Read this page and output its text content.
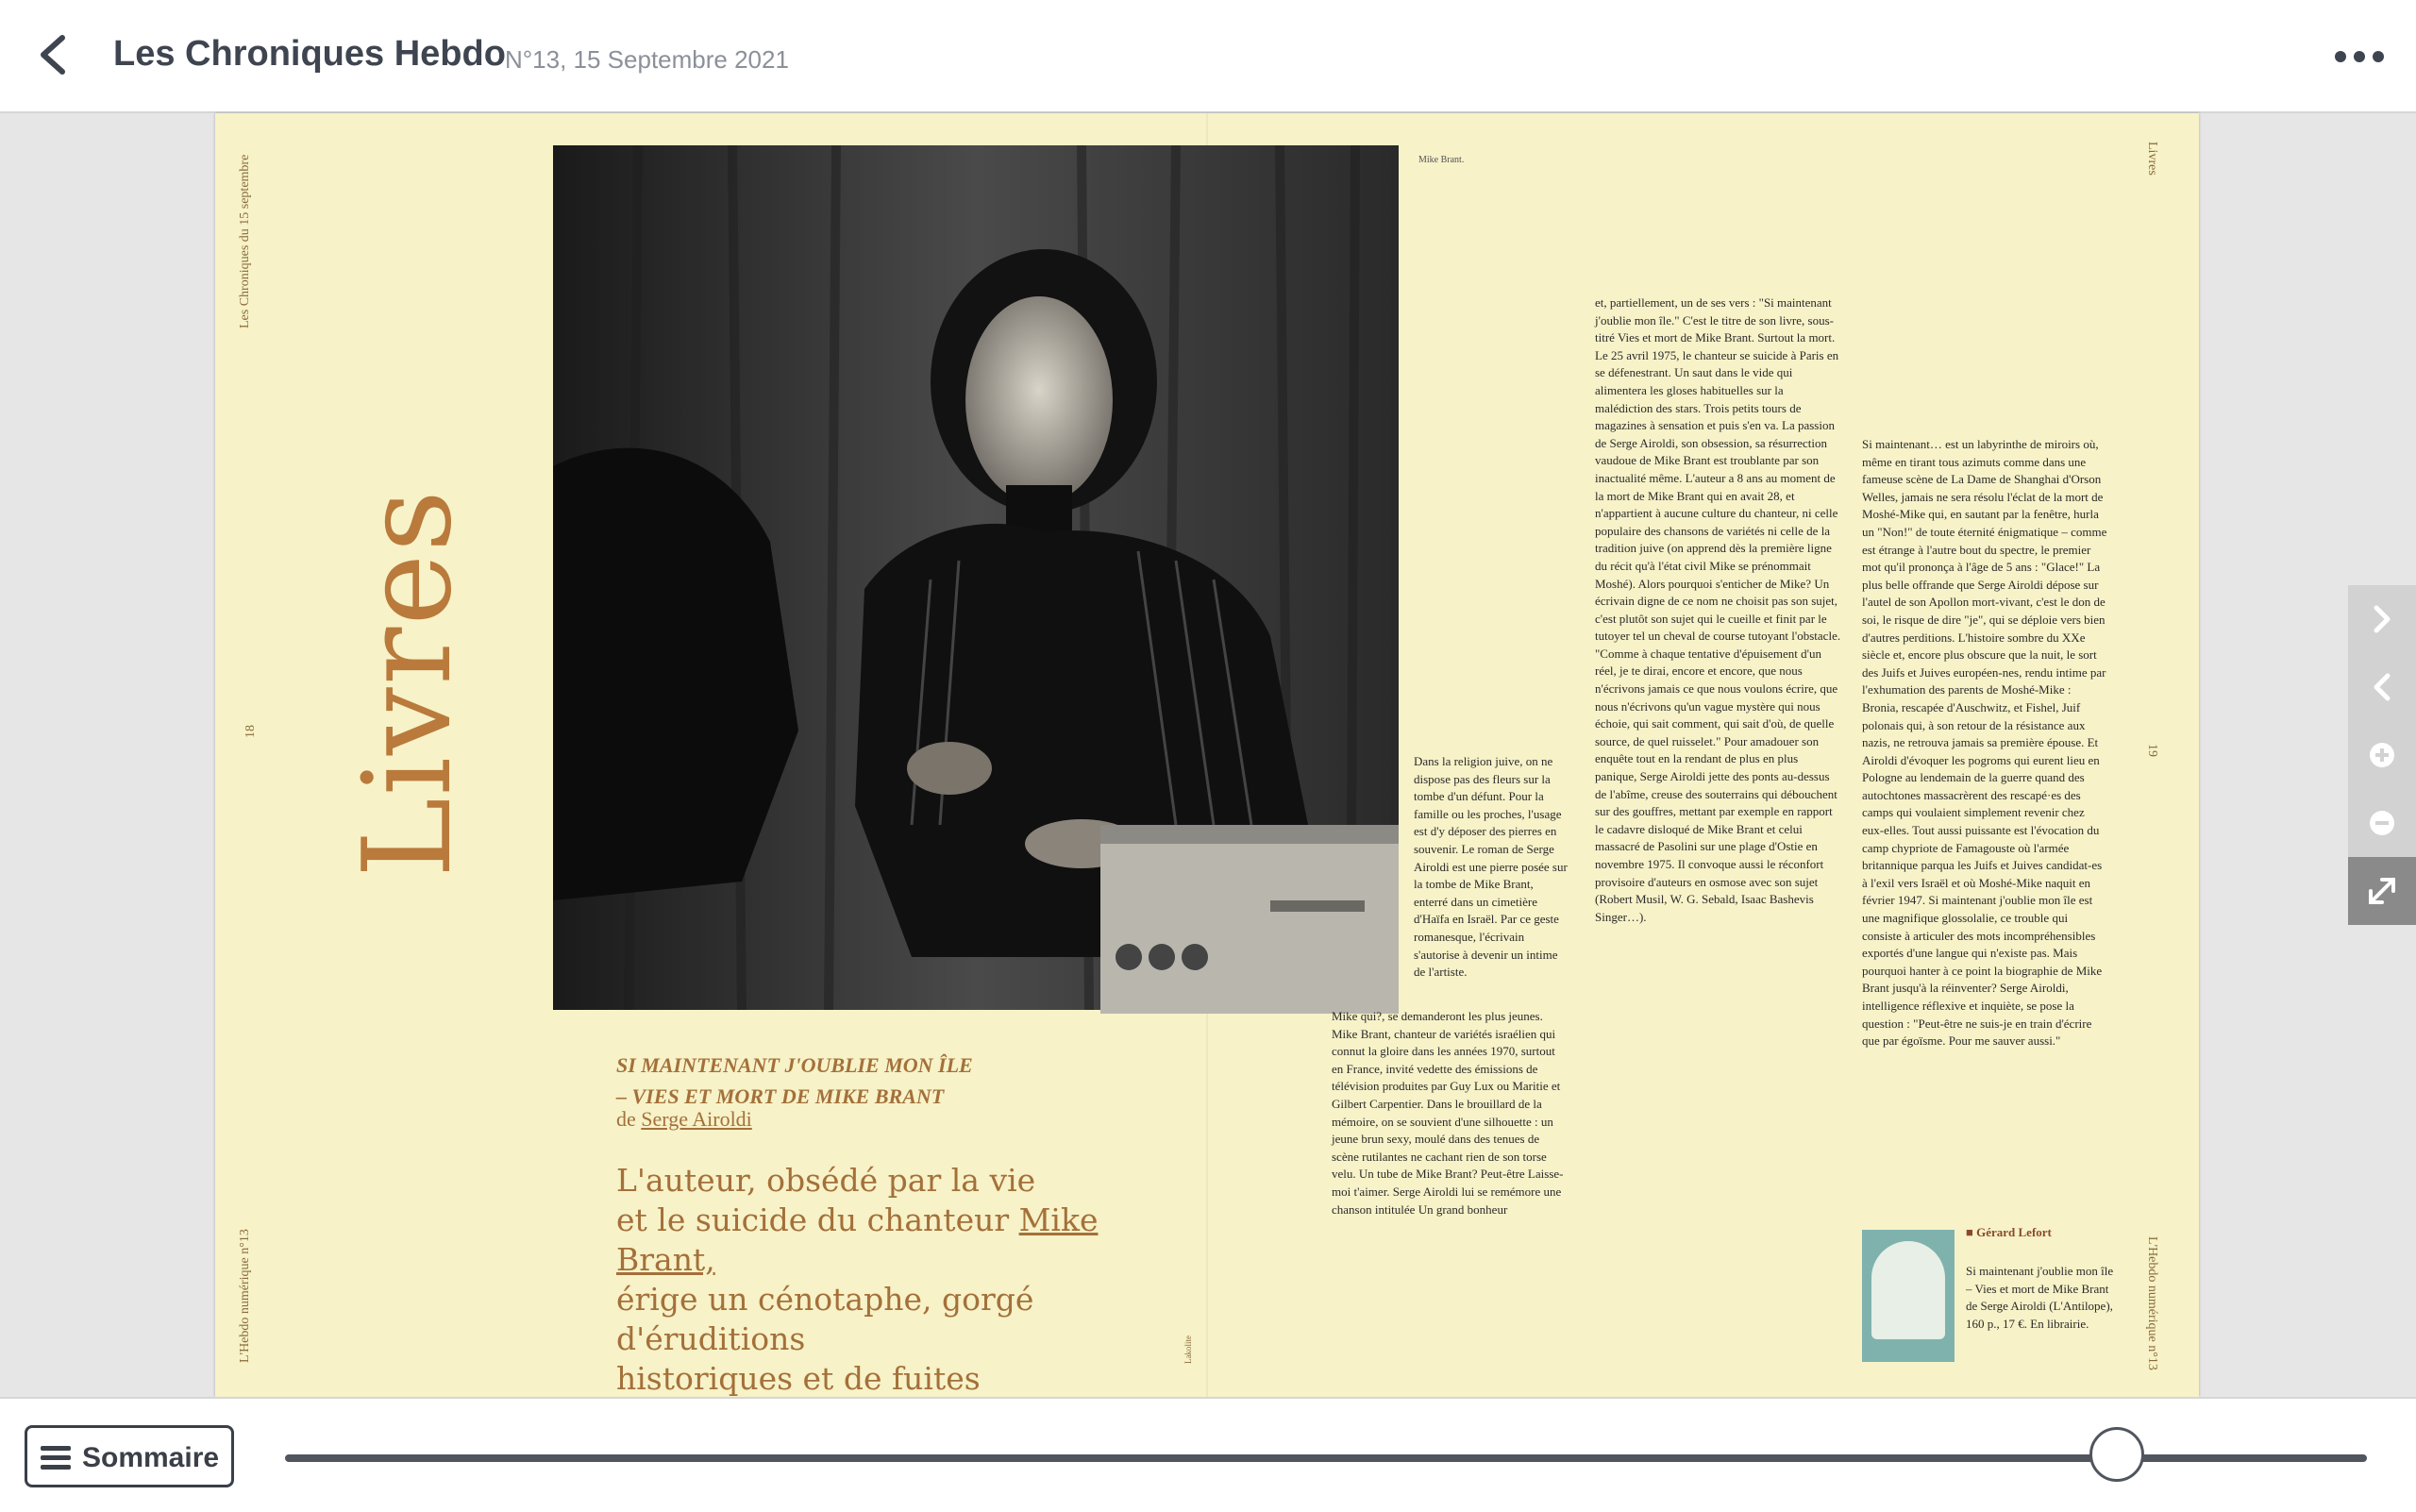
Les Chroniques Hebdo N°13, 15 Septembre 2021
Les Chroniques du 15 septembre
18
L'Hebdo numérique n°13
Livres
19
L'Hebdo numérique n°13
Livres
Lakolite
SI MAINTENANT J'OUBLIE MON ÎLE
– VIES ET MORT DE MIKE BRANT
de Serge Airoldi
L'auteur, obsédé par la vie
et le suicide du chanteur Mike Brant,
érige un cénotaphe, gorgé d'éruditions
historiques et de fuites
Mike Brant.
Dans la religion juive, on ne dispose pas des fleurs sur la tombe d'un défunt. Pour la famille ou les proches, l'usage est d'y déposer des pierres en souvenir. Le roman de Serge Airoldi est une pierre posée sur la tombe de Mike Brant, enterré dans un cimetière d'Haïfa en Israël. Par ce geste romanesque, l'écrivain s'autorise à devenir un intime de l'artiste.
Mike qui?, se demanderont les plus jeunes. Mike Brant, chanteur de variétés israélien qui connut la gloire dans les années 1970, surtout en France, invité vedette des émissions de télévision produites par Guy Lux ou Maritie et Gilbert Carpentier. Dans le brouillard de la mémoire, on se souvient d'une silhouette : un jeune brun sexy, moulé dans des tenues de scène rutilantes ne cachant rien de son torse velu. Un tube de Mike Brant? Peut-être Laisse-moi t'aimer. Serge Airoldi lui se remémore une chanson intitulée Un grand bonheur
et, partiellement, un de ses vers : "Si maintenant j'oublie mon île." C'est le titre de son livre, sous-titré Vies et mort de Mike Brant. Surtout la mort. Le 25 avril 1975, le chanteur se suicide à Paris en se défenestrant. Un saut dans le vide qui alimentera les gloses habituelles sur la malédiction des stars. Trois petits tours de magazines à sensation et puis s'en va. La passion de Serge Airoldi, son obsession, sa résurrection vaudoue de Mike Brant est troublante par son inactualité même. L'auteur a 8 ans au moment de la mort de Mike Brant qui en avait 28, et n'appartient à aucune culture du chanteur, ni celle populaire des chansons de variétés ni celle de la tradition juive (on apprend dès la première ligne du récit qu'à l'état civil Mike se prénommait Moshé). Alors pourquoi s'enticher de Mike? Un écrivain digne de ce nom ne choisit pas son sujet, c'est plutôt son sujet qui le cueille et finit par le tutoyer tel un cheval de course tutoyant l'obstacle. "Comme à chaque tentative d'épuisement d'un réel, je te dirai, encore et encore, que nous n'écrivons jamais ce que nous voulons écrire, que nous n'écrivons qu'un vague mystère qui nous échoie, qui sait comment, qui sait d'où, de quelle source, de quel ruisselet." Pour amadouer son enquête tout en la rendant de plus en plus panique, Serge Airoldi jette des ponts au-dessus de l'abîme, creuse des souterrains qui débouchent sur des gouffres, mettant par exemple en rapport le cadavre disloqué de Mike Brant et celui massacré de Pasolini sur une plage d'Ostie en novembre 1975. Il convoque aussi le réconfort provisoire d'auteurs en osmose avec son sujet (Robert Musil, W. G. Sebald, Isaac Bashevis Singer…).
Si maintenant… est un labyrinthe de miroirs où, même en tirant tous azimuts comme dans une fameuse scène de La Dame de Shanghai d'Orson Welles, jamais ne sera résolu l'éclat de la mort de Moshé-Mike qui, en sautant par la fenêtre, hurla un "Non!" de toute éternité énigmatique – comme est étrange à l'autre bout du spectre, le premier mot qu'il prononça à l'âge de 5 ans : "Glace!" La plus belle offrande que Serge Airoldi dépose sur l'autel de son Apollon mort-vivant, c'est le don de soi, le risque de dire "je", qui se déploie vers bien d'autres perditions. L'histoire sombre du XXe siècle et, encore plus obscure que la nuit, le sort des Juifs et Juives européen-nes, rendu intime par l'exhumation des parents de Moshé-Mike : Bronia, rescapée d'Auschwitz, et Fishel, Juif polonais qui, à son retour de la résistance aux nazis, ne retrouva jamais sa première épouse. Et Airoldi d'évoquer les pogroms qui eurent lieu en Pologne au lendemain de la guerre quand des autochtones massacrèrent des rescapé·es des camps qui voulaient simplement revenir chez eux-elles. Tout aussi puissante est l'évocation du camp chypriote de Famagouste où l'armée britannique parqua les Juifs et Juives candidat-es à l'exil vers Israël et où Moshé-Mike naquit en février 1947. Si maintenant j'oublie mon île est une magnifique glossolalie, ce trouble qui consiste à articuler des mots incompréhensibles exportés d'une langue qui n'existe pas. Mais pourquoi hanter à ce point la biographie de Mike Brant jusqu'à la réinventer? Serge Airoldi, intelligence réflexive et inquiète, se pose la question : "Peut-être ne suis-je en train d'écrire que par égoïsme. Pour me sauver aussi."
■ Gérard Lefort
Si maintenant j'oublie mon île – Vies et mort de Mike Brant de Serge Airoldi (L'Antilope), 160 p., 17 €. En librairie.
Sommaire
